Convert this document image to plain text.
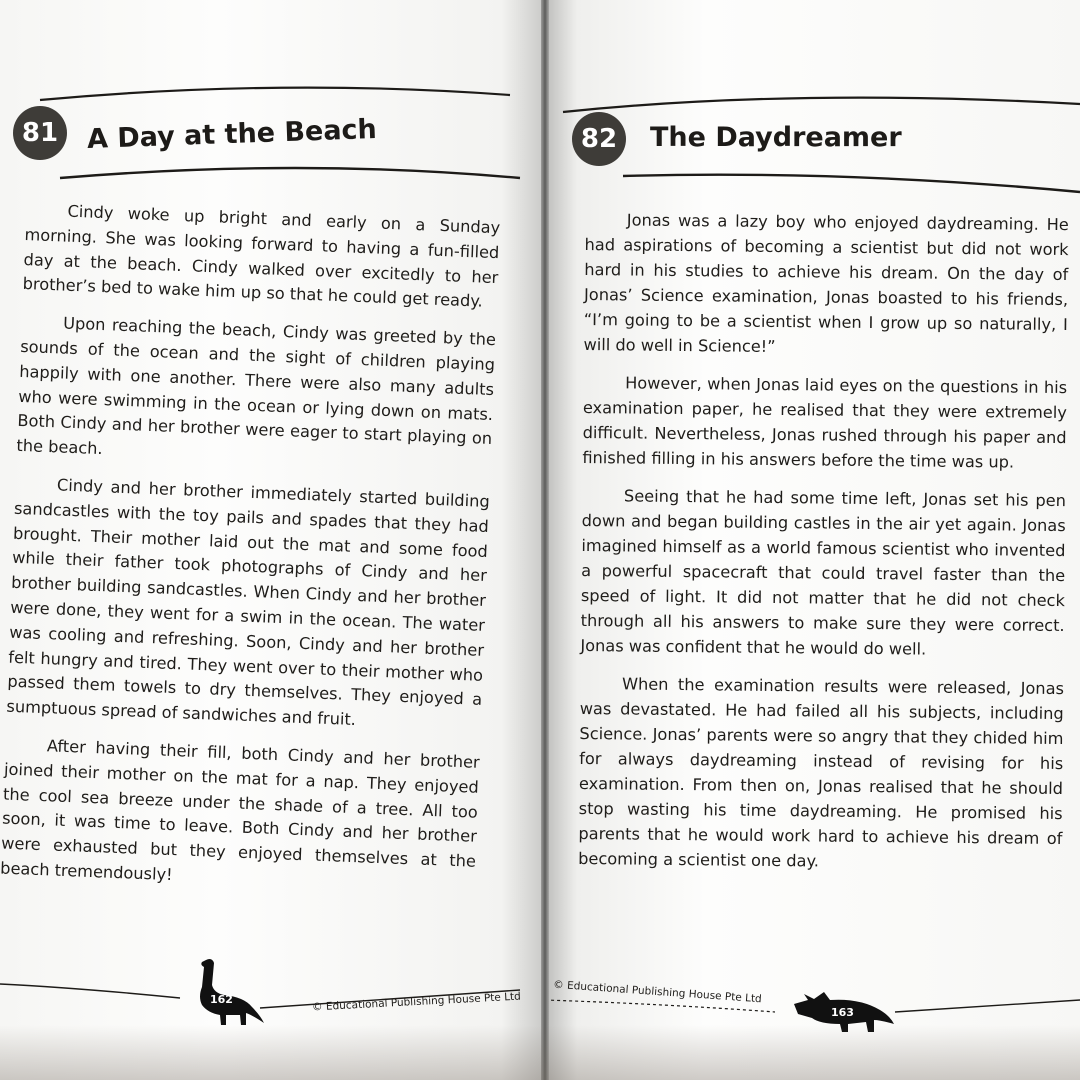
81 A Day at the Beach

Cindy woke up bright and early on a Sunday morning. She was looking forward to having a fun-filled day at the beach. Cindy walked over excitedly to her brother’s bed to wake him up so that he could get ready.

Upon reaching the beach, Cindy was greeted by the sounds of the ocean and the sight of children playing happily with one another. There were also many adults who were swimming in the ocean or lying down on mats. Both Cindy and her brother were eager to start playing on the beach.

Cindy and her brother immediately started building sandcastles with the toy pails and spades that they had brought. Their mother laid out the mat and some food while their father took photographs of Cindy and her brother building sandcastles. When Cindy and her brother were done, they went for a swim in the ocean. The water was cooling and refreshing. Soon, Cindy and her brother felt hungry and tired. They went over to their mother who passed them towels to dry themselves. They enjoyed a sumptuous spread of sandwiches and fruit.

After having their fill, both Cindy and her brother joined their mother on the mat for a nap. They enjoyed the cool sea breeze under the shade of a tree. All too soon, it was time to leave. Both Cindy and her brother were exhausted but they enjoyed themselves at the beach tremendously!

162	© Educational Publishing House Pte Ltd
82 The Daydreamer

Jonas was a lazy boy who enjoyed daydreaming. He had aspirations of becoming a scientist but did not work hard in his studies to achieve his dream. On the day of Jonas’ Science examination, Jonas boasted to his friends, “I’m going to be a scientist when I grow up so naturally, I will do well in Science!”

However, when Jonas laid eyes on the questions in his examination paper, he realised that they were extremely difficult. Nevertheless, Jonas rushed through his paper and finished filling in his answers before the time was up.

Seeing that he had some time left, Jonas set his pen down and began building castles in the air yet again. Jonas imagined himself as a world famous scientist who invented a powerful spacecraft that could travel faster than the speed of light. It did not matter that he did not check through all his answers to make sure they were correct. Jonas was confident that he would do well.

When the examination results were released, Jonas was devastated. He had failed all his subjects, including Science. Jonas’ parents were so angry that they chided him for always daydreaming instead of revising for his examination. From then on, Jonas realised that he should stop wasting his time daydreaming. He promised his parents that he would work hard to achieve his dream of becoming a scientist one day.

© Educational Publishing House Pte Ltd
163
